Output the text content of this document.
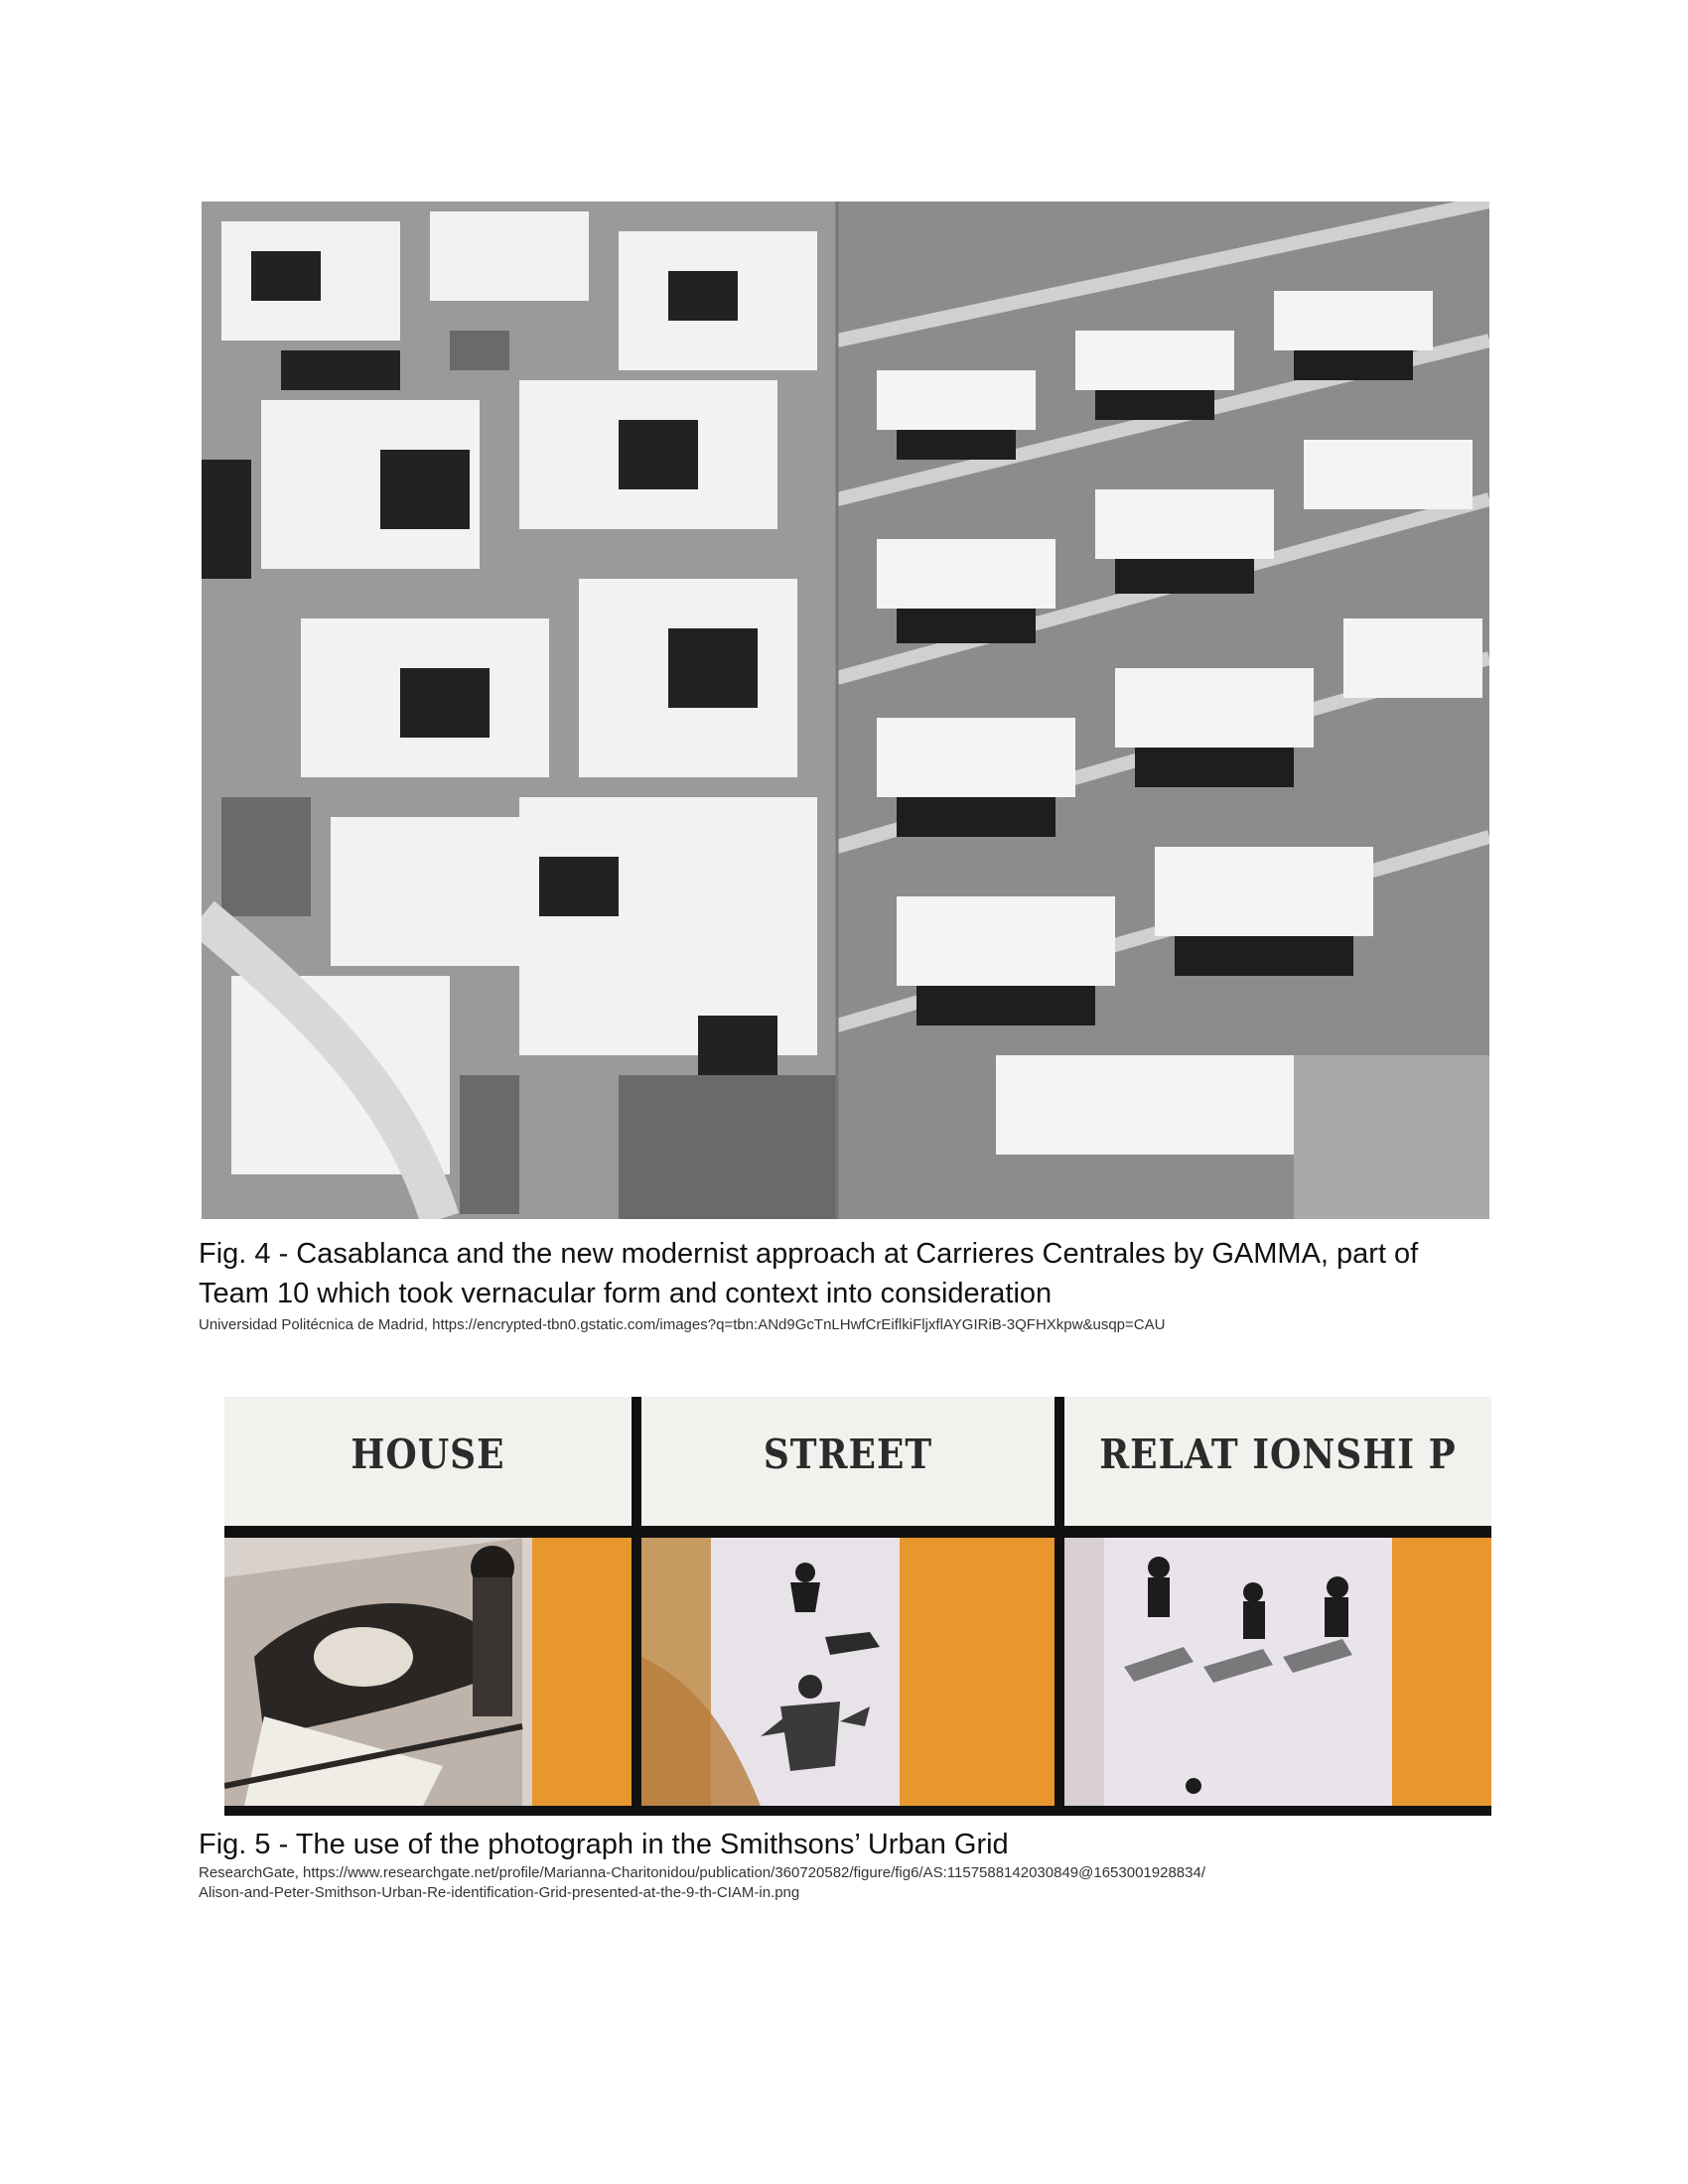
Fig. 4 - Casablanca and the new modernist approach at Carrieres Centrales by GAMMA, part of
Team 10 which took vernacular form and context into consideration
Universidad Politécnica de Madrid, https://encrypted-tbn0.gstatic.com/images?q=tbn:ANd9GcTnLHwfCrEiflkiFljxflAYGIRiB-3QFHXkpw&usqp=CAU
HOUSE	STREET	RELAT IONSHI P
Fig. 5 - The use of the photograph in the Smithsons’ Urban Grid
ResearchGate, https://www.researchgate.net/profile/Marianna-Charitonidou/publication/360720582/figure/fig6/AS:1157588142030849@1653001928834/
Alison-and-Peter-Smithson-Urban-Re-identification-Grid-presented-at-the-9-th-CIAM-in.png
